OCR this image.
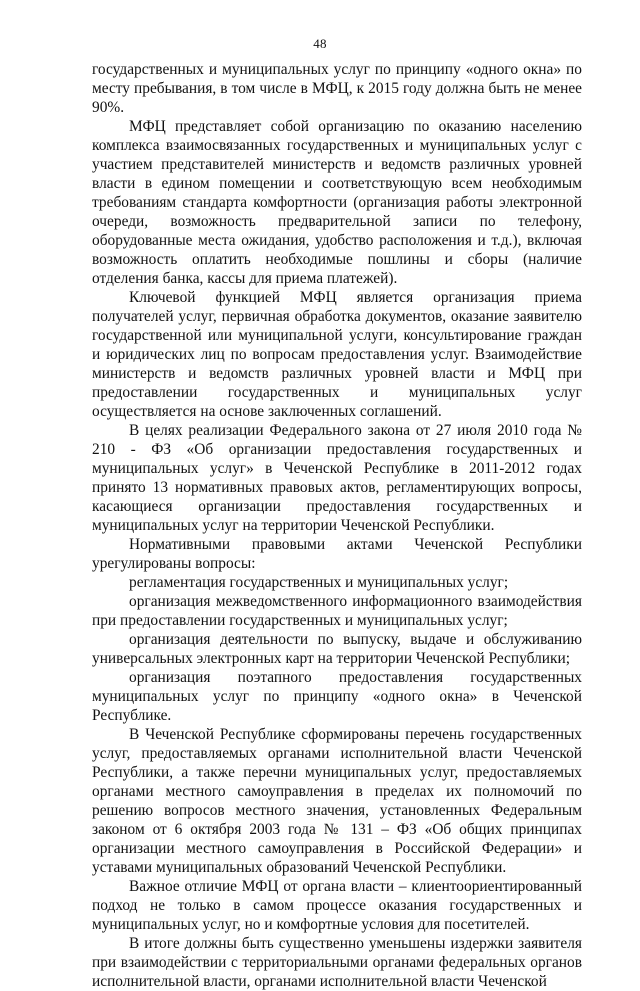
48

государственных и муниципальных услуг по принципу «одного окна» по месту пребывания, в том числе в МФЦ, к 2015 году должна быть не менее 90%.

МФЦ представляет собой организацию по оказанию населению комплекса взаимосвязанных государственных и муниципальных услуг с участием представителей министерств и ведомств различных уровней власти в едином помещении и соответствующую всем необходимым требованиям стандарта комфортности (организация работы электронной очереди, возможность предварительной записи по телефону, оборудованные места ожидания, удобство расположения и т.д.), включая возможность оплатить необходимые пошлины и сборы (наличие отделения банка, кассы для приема платежей).

Ключевой функцией МФЦ является организация приема получателей услуг, первичная обработка документов, оказание заявителю государственной или муниципальной услуги, консультирование граждан и юридических лиц по вопросам предоставления услуг. Взаимодействие министерств и ведомств различных уровней власти и МФЦ при предоставлении государственных и муниципальных услуг осуществляется на основе заключенных соглашений.

В целях реализации Федерального закона от 27 июля 2010 года № 210 - ФЗ «Об организации предоставления государственных и муниципальных услуг» в Чеченской Республике в 2011-2012 годах принято 13 нормативных правовых актов, регламентирующих вопросы, касающиеся организации предоставления государственных и муниципальных услуг на территории Чеченской Республики.

Нормативными правовыми актами Чеченской Республики урегулированы вопросы:

регламентация государственных и муниципальных услуг;

организация межведомственного информационного взаимодействия при предоставлении государственных и муниципальных услуг;

организация деятельности по выпуску, выдаче и обслуживанию универсальных электронных карт на территории Чеченской Республики;

организация поэтапного предоставления государственных муниципальных услуг по принципу «одного окна» в Чеченской Республике.

В Чеченской Республике сформированы перечень государственных услуг, предоставляемых органами исполнительной власти Чеченской Республики, а также перечни муниципальных услуг, предоставляемых органами местного самоуправления в пределах их полномочий по решению вопросов местного значения, установленных Федеральным законом от 6 октября 2003 года № 131 – ФЗ «Об общих принципах организации местного самоуправления в Российской Федерации» и уставами муниципальных образований Чеченской Республики.

Важное отличие МФЦ от органа власти – клиентоориентированный подход не только в самом процессе оказания государственных и муниципальных услуг, но и комфортные условия для посетителей.

В итоге должны быть существенно уменьшены издержки заявителя при взаимодействии с территориальными органами федеральных органов исполнительной власти, органами исполнительной власти Чеченской
